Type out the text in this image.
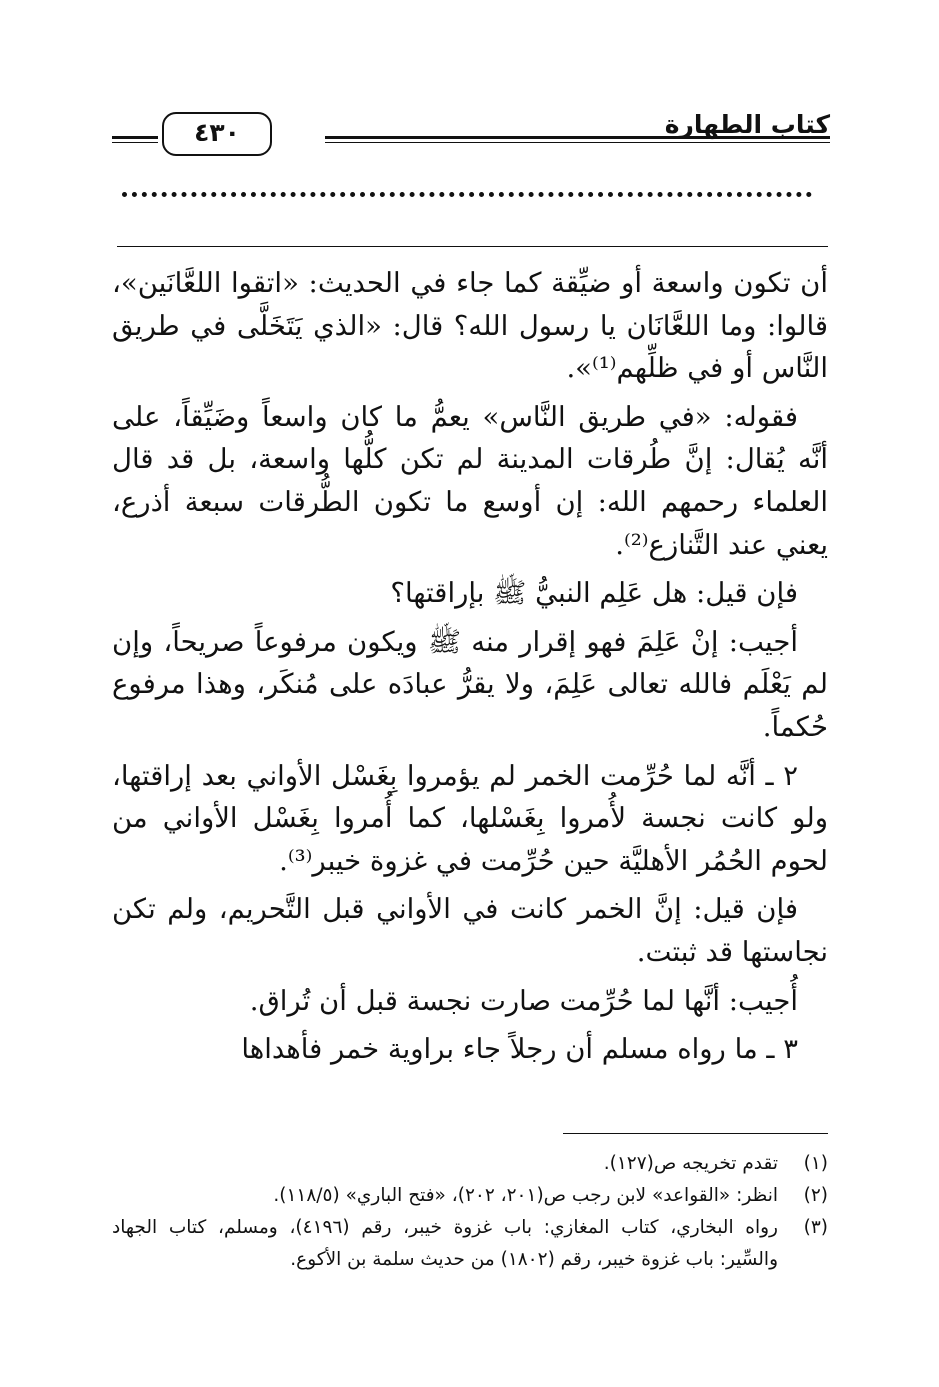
كتاب الطهارة
٤٣٠

أن تكون واسعة أو ضيِّقة كما جاء في الحديث: «اتقوا اللعَّانَين»، قالوا: وما اللعَّانَان يا رسول الله؟ قال: «الذي يَتَخَلَّى في طريق النَّاس أو في ظلِّهم⁽¹⁾».

فقوله: «في طريق النَّاس» يعمُّ ما كان واسعاً وضَيِّقاً، على أنَّه يُقال: إنَّ طُرقات المدينة لم تكن كلُّها واسعة، بل قد قال العلماء رحمهم الله: إن أوسع ما تكون الطُّرقات سبعة أذرع، يعني عند التَّنازع⁽²⁾.

فإن قيل: هل عَلِم النبيُّ ﷺ بإراقتها؟

أجيب: إنْ عَلِمَ فهو إقرار منه ﷺ ويكون مرفوعاً صريحاً، وإن لم يَعْلَم فالله تعالى عَلِمَ، ولا يقرُّ عبادَه على مُنكَر، وهذا مرفوع حُكماً.

٢ ـ أنَّه لما حُرِّمت الخمر لم يؤمروا بِغَسْل الأواني بعد إراقتها، ولو كانت نجسة لأُمروا بِغَسْلها، كما أُمروا بِغَسْل الأواني من لحوم الحُمُر الأهليَّة حين حُرِّمت في غزوة خيبر⁽³⁾.

فإن قيل: إنَّ الخمر كانت في الأواني قبل التَّحريم، ولم تكن نجاستها قد ثبتت.

أُجيب: أنَّها لما حُرِّمت صارت نجسة قبل أن تُراق.

٣ ـ ما رواه مسلم أن رجلاً جاء براوية خمر فأهداها

(١)
تقدم تخريجه ص(١٢٧).
(٢)
انظر: «القواعد» لابن رجب ص(٢٠١، ٢٠٢)، «فتح الباري» (١١٨/٥).
(٣)
رواه البخاري، كتاب المغازي: باب غزوة خيبر، رقم (٤١٩٦)، ومسلم، كتاب الجهاد والسِّير: باب غزوة خيبر، رقم (١٨٠٢) من حديث سلمة بن الأكوع.
